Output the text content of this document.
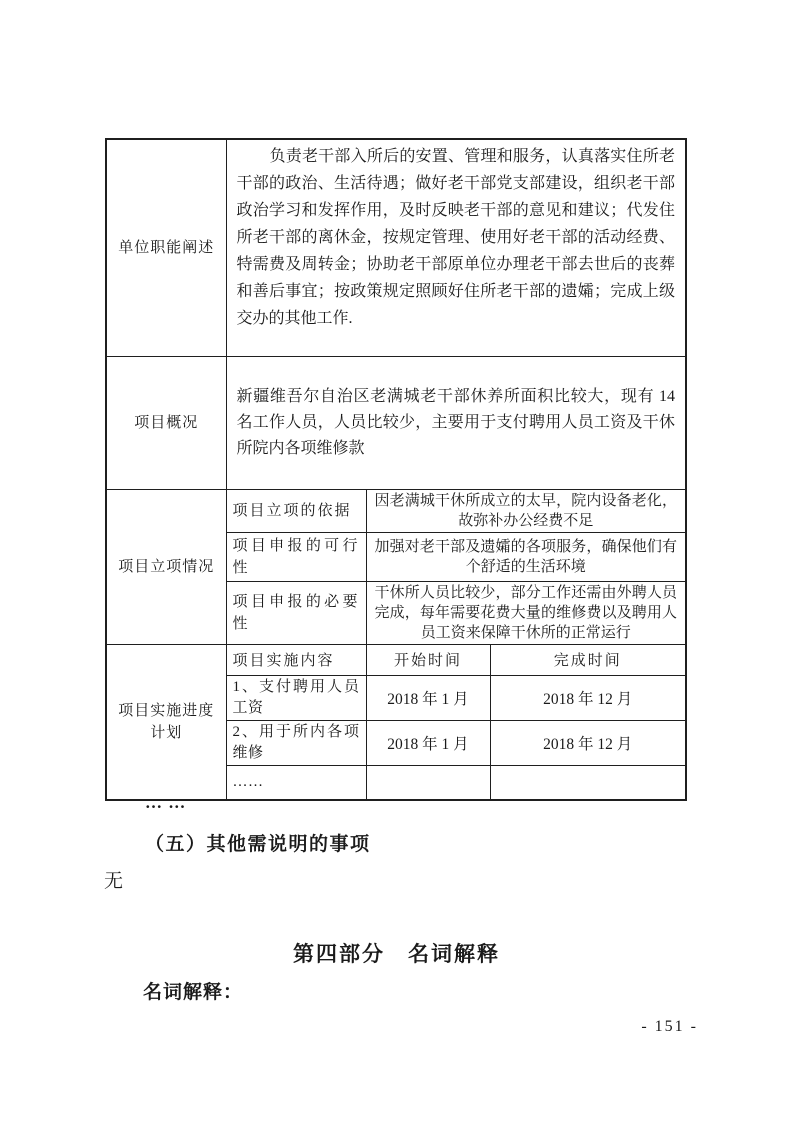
单位职能阐述	负责老干部入所后的安置、管理和服务，认真落实住所老干部的政治、生活待遇；做好老干部党支部建设，组织老干部政治学习和发挥作用，及时反映老干部的意见和建议；代发住所老干部的离休金，按规定管理、使用好老干部的活动经费、特需费及周转金；协助老干部原单位办理老干部去世后的丧葬和善后事宜；按政策规定照顾好住所老干部的遗孀；完成上级交办的其他工作.		
项目概况	新疆维吾尔自治区老满城老干部休养所面积比较大，现有 14 名工作人员，人员比较少，主要用于支付聘用人员工资及干休所院内各项维修款		
项目立项情况	项目立项的依据	因老满城干休所成立的太早，院内设备老化，故弥补办公经费不足	
	项目申报的可行性	加强对老干部及遗孀的各项服务，确保他们有个舒适的生活环境	
	项目申报的必要性	干休所人员比较少，部分工作还需由外聘人员完成，每年需要花费大量的维修费以及聘用人员工资来保障干休所的正常运行	
项目实施进度计划	项目实施内容	开始时间	完成时间
	1、支付聘用人员工资	2018 年 1 月	2018 年 12 月
	2、用于所内各项维修	2018 年 1 月	2018 年 12 月
	……		
… …
（五）其他需说明的事项
无
第四部分　名词解释
名词解释：
- 151 -
